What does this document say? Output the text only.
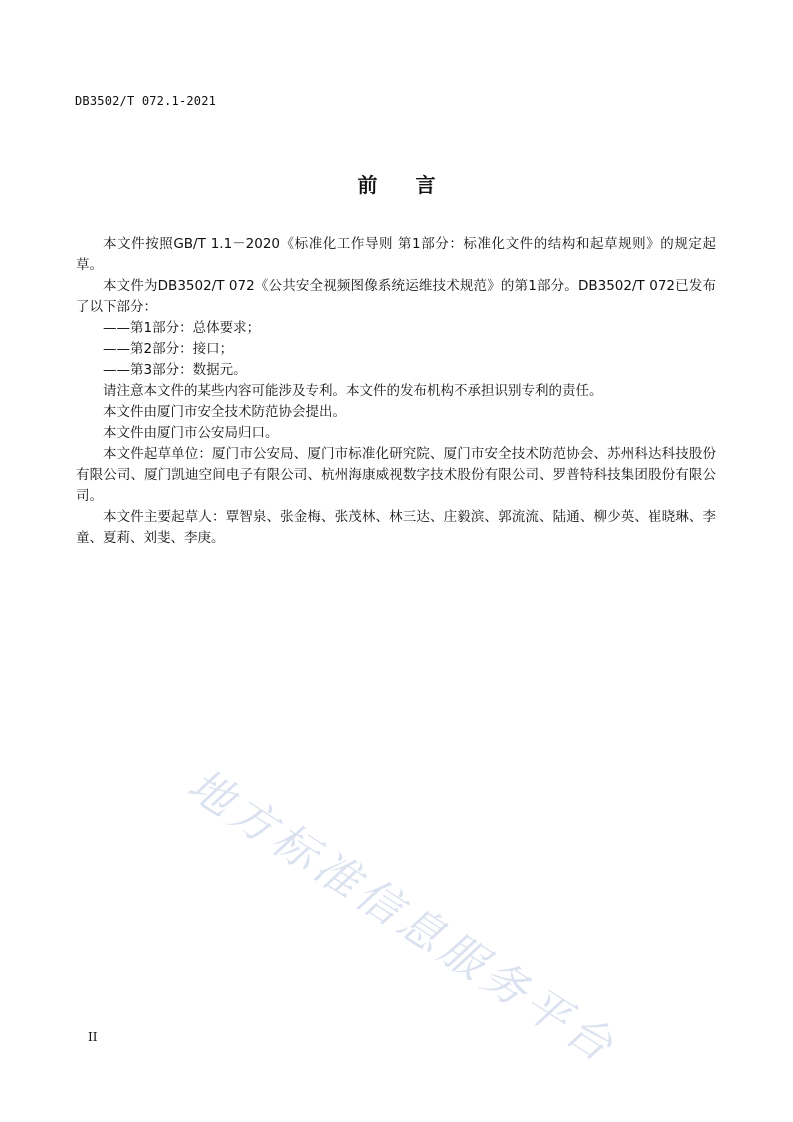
DB3502/T 072.1-2021
前言

本文件按照GB/T 1.1－2020《标准化工作导则 第1部分：标准化文件的结构和起草规则》的规定起草。

本文件为DB3502/T 072《公共安全视频图像系统运维技术规范》的第1部分。DB3502/T 072已发布了以下部分：

——第1部分：总体要求；

——第2部分：接口；

——第3部分：数据元。

请注意本文件的某些内容可能涉及专利。本文件的发布机构不承担识别专利的责任。

本文件由厦门市安全技术防范协会提出。

本文件由厦门市公安局归口。

本文件起草单位：厦门市公安局、厦门市标准化研究院、厦门市安全技术防范协会、苏州科达科技股份有限公司、厦门凯迪空间电子有限公司、杭州海康威视数字技术股份有限公司、罗普特科技集团股份有限公司。

本文件主要起草人：覃智泉、张金梅、张茂林、林三达、庄毅滨、郭流流、陆通、柳少英、崔晓琳、李童、夏莉、刘斐、李庚。

地方标准信息服务平台
II
